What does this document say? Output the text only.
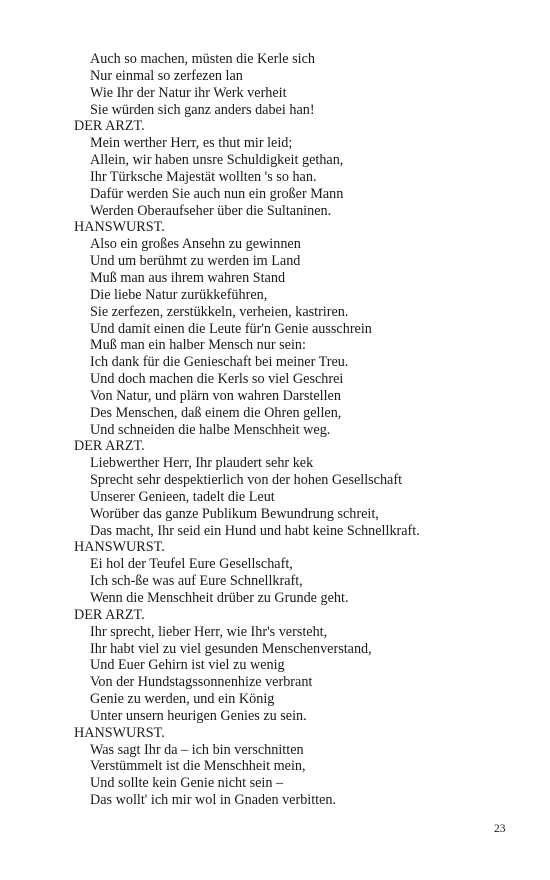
Auch so machen, müsten die Kerle sich
Nur einmal so zerfezen lan
Wie Ihr der Natur ihr Werk verheit
Sie würden sich ganz anders dabei han!
DER ARZT.
Mein werther Herr, es thut mir leid;
Allein, wir haben unsre Schuldigkeit gethan,
Ihr Türksche Majestät wollten 's so han.
Dafür werden Sie auch nun ein großer Mann
Werden Oberaufseher über die Sultaninen.
HANSWURST.
Also ein großes Ansehn zu gewinnen
Und um berühmt zu werden im Land
Muß man aus ihrem wahren Stand
Die liebe Natur zurükkeführen,
Sie zerfezen, zerstükkeln, verheien, kastriren.
Und damit einen die Leute für'n Genie ausschrein
Muß man ein halber Mensch nur sein:
Ich dank für die Genieschaft bei meiner Treu.
Und doch machen die Kerls so viel Geschrei
Von Natur, und plärn von wahren Darstellen
Des Menschen, daß einem die Ohren gellen,
Und schneiden die halbe Menschheit weg.
DER ARZT.
Liebwerther Herr, Ihr plaudert sehr kek
Sprecht sehr despektierlich von der hohen Gesellschaft
Unserer Genieen, tadelt die Leut
Worüber das ganze Publikum Bewundrung schreit,
Das macht, Ihr seid ein Hund und habt keine Schnellkraft.
HANSWURST.
Ei hol der Teufel Eure Gesellschaft,
Ich sch-ße was auf Eure Schnellkraft,
Wenn die Menschheit drüber zu Grunde geht.
DER ARZT.
Ihr sprecht, lieber Herr, wie Ihr's versteht,
Ihr habt viel zu viel gesunden Menschenverstand,
Und Euer Gehirn ist viel zu wenig
Von der Hundstagssonnenhize verbrant
Genie zu werden, und ein König
Unter unsern heurigen Genies zu sein.
HANSWURST.
Was sagt Ihr da – ich bin verschnitten
Verstümmelt ist die Menschheit mein,
Und sollte kein Genie nicht sein –
Das wollt' ich mir wol in Gnaden verbitten.
23
